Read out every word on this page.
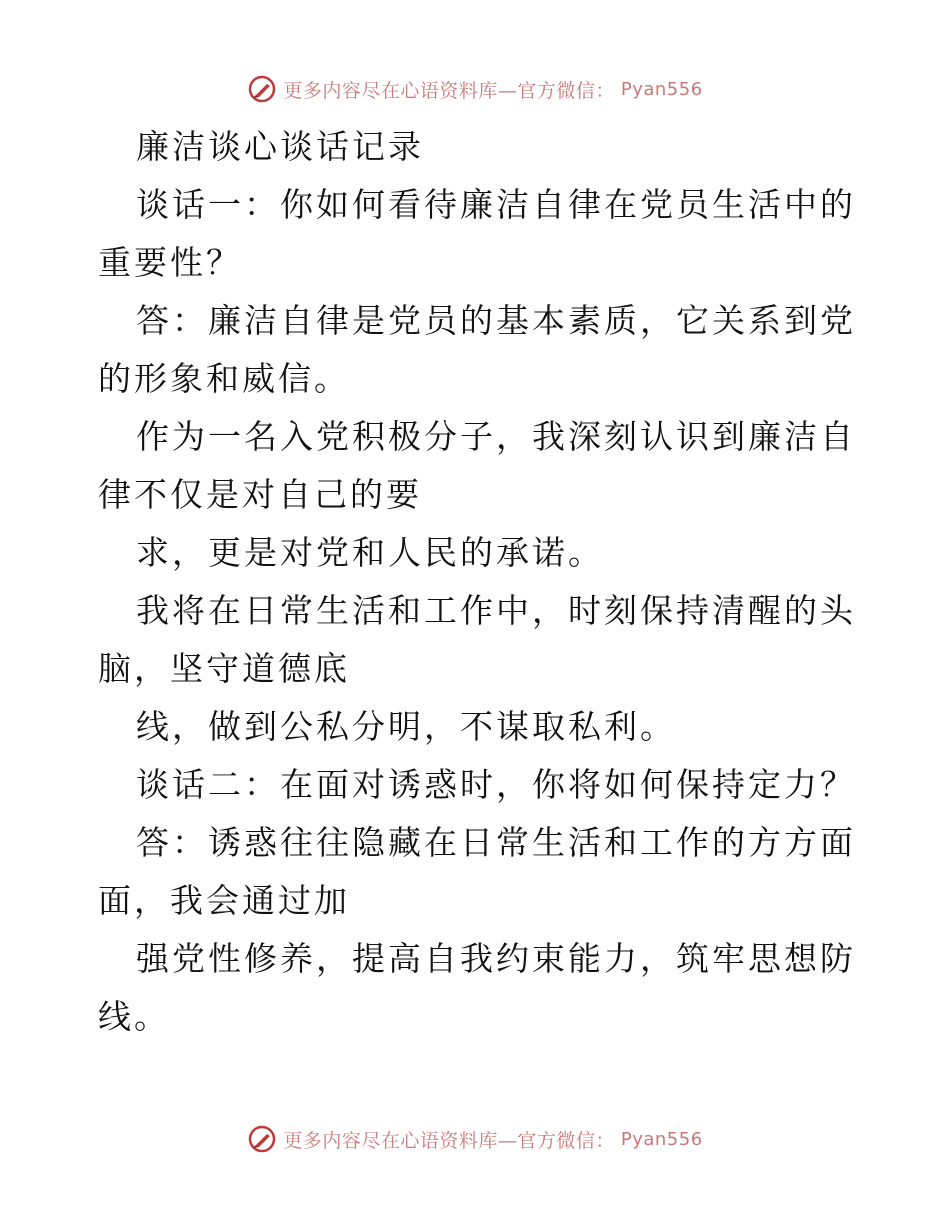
更多内容尽在心语资料库—官方微信： Pyan556

廉洁谈心谈话记录

谈话一：你如何看待廉洁自律在党员生活中的重要性？

答：廉洁自律是党员的基本素质，它关系到党的形象和威信。

作为一名入党积极分子，我深刻认识到廉洁自律不仅是对自己的要

求，更是对党和人民的承诺。

我将在日常生活和工作中，时刻保持清醒的头脑，坚守道德底

线，做到公私分明，不谋取私利。

谈话二：在面对诱惑时，你将如何保持定力？

答：诱惑往往隐藏在日常生活和工作的方方面面，我会通过加

强党性修养，提高自我约束能力，筑牢思想防线。

更多内容尽在心语资料库—官方微信： Pyan556
